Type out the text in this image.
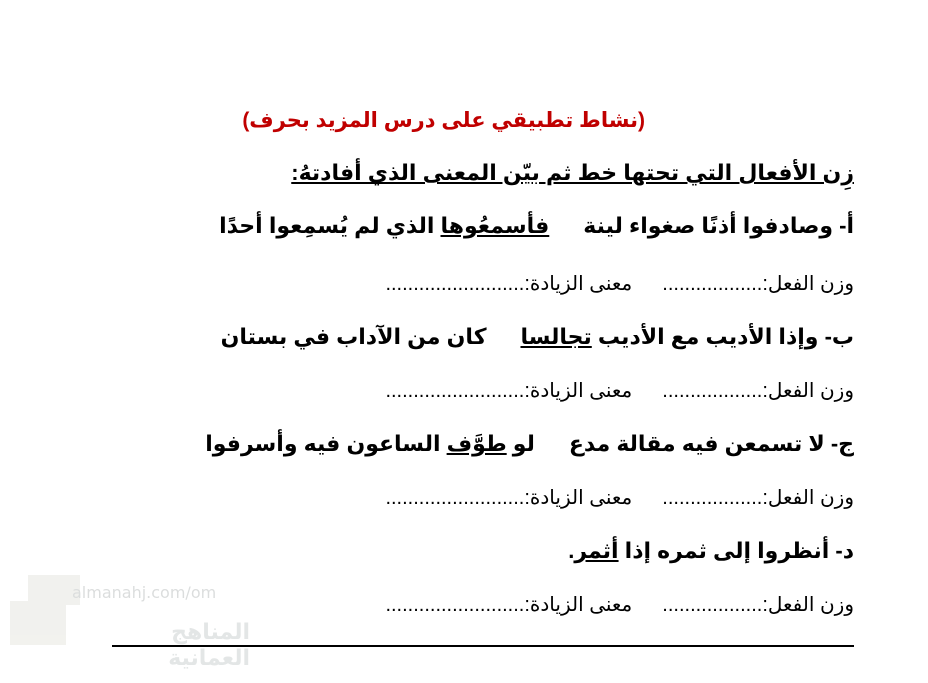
(نشاط تطبيقي على درس المزيد بحرف)
زِن الأفعال التي تحتها خط ثم بيّن المعنى الذي أفادتهُ:
أ- وصادفوا أذنًا صغواء لينةفأسمعُوها الذي لم يُسمِعوا أحدًا
وزن الفعل:..................معنى الزيادة:.........................
ب- وإذا الأديب مع الأديب تجالساكان من الآداب في بستان
وزن الفعل:..................معنى الزيادة:.........................
ج- لا تسمعن فيه مقالة مدعلو طوَّف الساعون فيه وأسرفوا
وزن الفعل:..................معنى الزيادة:.........................
د- أنظروا إلى ثمره إذا أثمر.
وزن الفعل:..................معنى الزيادة:.........................
almanahj.com/om
المناهج العمانية
